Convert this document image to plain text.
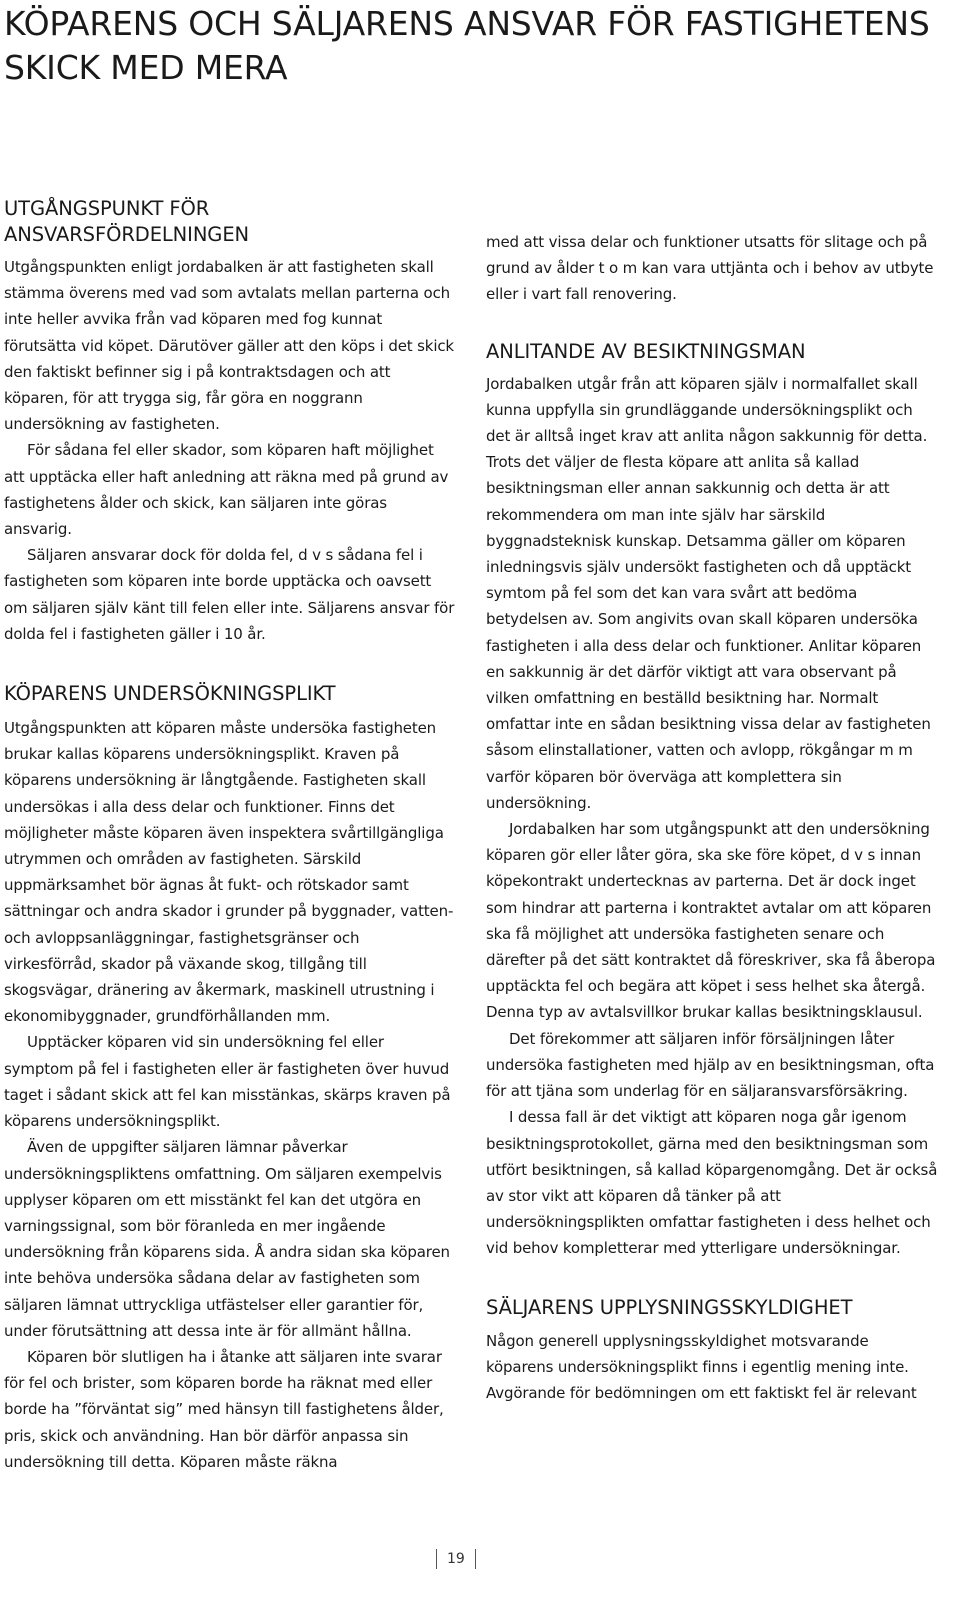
KÖPARENS OCH SÄLJARENS ANSVAR FÖR FASTIGHETENS SKICK MED MERA
UTGÅNGSPUNKT FÖR ANSVARSFÖRDELNINGEN

Utgångspunkten enligt jordabalken är att fastigheten skall stämma överens med vad som avtalats mellan parterna och inte heller avvika från vad köparen med fog kunnat förutsätta vid köpet. Därutöver gäller att den köps i det skick den faktiskt befinner sig i på kontraktsdagen och att köparen, för att trygga sig, får göra en noggrann undersökning av fastigheten.

För sådana fel eller skador, som köparen haft möjlighet att upptäcka eller haft anledning att räkna med på grund av fastighetens ålder och skick, kan säljaren inte göras ansvarig.

Säljaren ansvarar dock för dolda fel, d v s sådana fel i fastigheten som köparen inte borde upptäcka och oavsett om säljaren själv känt till felen eller inte. Säljarens ansvar för dolda fel i fastigheten gäller i 10 år.

KÖPARENS UNDERSÖKNINGSPLIKT

Utgångspunkten att köparen måste undersöka fastigheten brukar kallas köparens undersökningsplikt. Kraven på köparens undersökning är långtgående. Fastigheten skall undersökas i alla dess delar och funktioner. Finns det möjligheter måste köparen även inspektera svårtillgängliga utrymmen och områden av fastigheten. Särskild uppmärksamhet bör ägnas åt fukt- och rötskador samt sättningar och andra skador i grunder på byggnader, vatten- och avloppsanläggningar, fastighetsgränser och virkesförråd, skador på växande skog, tillgång till skogsvägar, dränering av åkermark, maskinell utrustning i ekonomibyggnader, grundförhållanden mm.

Upptäcker köparen vid sin undersökning fel eller symptom på fel i fastigheten eller är fastigheten över huvud taget i sådant skick att fel kan misstänkas, skärps kraven på köparens undersökningsplikt.

Även de uppgifter säljaren lämnar påverkar undersökningspliktens omfattning. Om säljaren exempelvis upplyser köparen om ett misstänkt fel kan det utgöra en varningssignal, som bör föranleda en mer ingående undersökning från köparens sida. Å andra sidan ska köparen inte behöva undersöka sådana delar av fastigheten som säljaren lämnat uttryckliga utfästelser eller garantier för, under förutsättning att dessa inte är för allmänt hållna.

Köparen bör slutligen ha i åtanke att säljaren inte svarar för fel och brister, som köparen borde ha räknat med eller borde ha ”förväntat sig” med hänsyn till fastighetens ålder, pris, skick och användning. Han bör därför anpassa sin undersökning till detta. Köparen måste räkna

med att vissa delar och funktioner utsatts för slitage och på grund av ålder t o m kan vara uttjänta och i behov av utbyte eller i vart fall renovering.

ANLITANDE AV BESIKTNINGSMAN

Jordabalken utgår från att köparen själv i normalfallet skall kunna uppfylla sin grundläggande undersökningsplikt och det är alltså inget krav att anlita någon sakkunnig för detta. Trots det väljer de flesta köpare att anlita så kallad besiktningsman eller annan sakkunnig och detta är att rekommendera om man inte själv har särskild byggnadsteknisk kunskap. Detsamma gäller om köparen inledningsvis själv undersökt fastigheten och då upptäckt symtom på fel som det kan vara svårt att bedöma betydelsen av. Som angivits ovan skall köparen undersöka fastigheten i alla dess delar och funktioner. Anlitar köparen en sakkunnig är det därför viktigt att vara observant på vilken omfattning en beställd besiktning har. Normalt omfattar inte en sådan besiktning vissa delar av fastigheten såsom elinstallationer, vatten och avlopp, rökgångar m m varför köparen bör överväga att komplettera sin undersökning.

Jordabalken har som utgångspunkt att den undersökning köparen gör eller låter göra, ska ske före köpet, d v s innan köpekontrakt undertecknas av parterna. Det är dock inget som hindrar att parterna i kontraktet avtalar om att köparen ska få möjlighet att undersöka fastigheten senare och därefter på det sätt kontraktet då föreskriver, ska få åberopa upptäckta fel och begära att köpet i sess helhet ska återgå. Denna typ av avtalsvillkor brukar kallas besiktningsklausul.

Det förekommer att säljaren inför försäljningen låter undersöka fastigheten med hjälp av en besiktningsman, ofta för att tjäna som underlag för en säljaransvarsförsäkring.

I dessa fall är det viktigt att köparen noga går igenom besiktningsprotokollet, gärna med den besiktningsman som utfört besiktningen, så kallad köpargenomgång. Det är också av stor vikt att köparen då tänker på att undersökningsplikten omfattar fastigheten i dess helhet och vid behov kompletterar med ytterligare undersökningar.

SÄLJARENS UPPLYSNINGSSKYLDIGHET

Någon generell upplysningsskyldighet motsvarande köparens undersökningsplikt finns i egentlig mening inte. Avgörande för bedömningen om ett faktiskt fel är relevant

19
